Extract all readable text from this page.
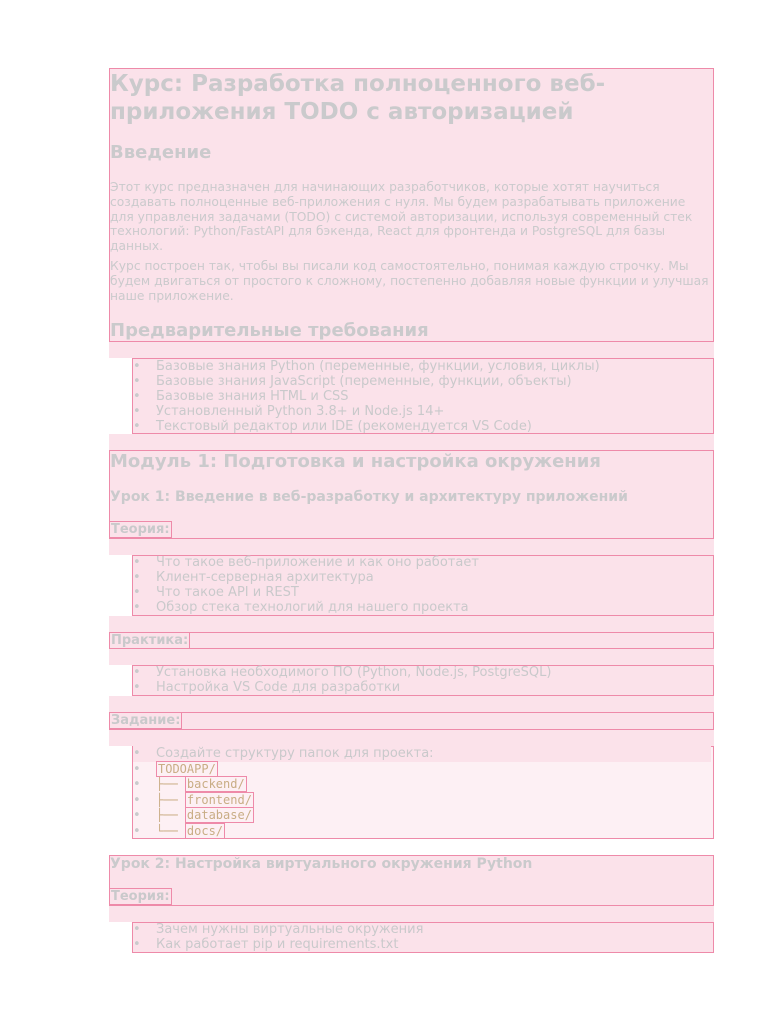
Курс: Разработка полноценного веб-приложения TODO с авторизацией
Введение

Этот курс предназначен для начинающих разработчиков, которые хотят научиться создавать полноценные веб-приложения с нуля. Мы будем разрабатывать приложение для управления задачами (TODO) с системой авторизации, используя современный стек технологий: Python/FastAPI для бэкенда, React для фронтенда и PostgreSQL для базы данных.

Курс построен так, чтобы вы писали код самостоятельно, понимая каждую строчку. Мы будем двигаться от простого к сложному, постепенно добавляя новые функции и улучшая наше приложение.

Предварительные требования
• Базовые знания Python (переменные, функции, условия, циклы)
• Базовые знания JavaScript (переменные, функции, объекты)
• Базовые знания HTML и CSS
• Установленный Python 3.8+ и Node.js 14+
• Текстовый редактор или IDE (рекомендуется VS Code)
Модуль 1: Подготовка и настройка окружения
Урок 1: Введение в веб-разработку и архитектуру приложений
Теория:
• Что такое веб-приложение и как оно работает
• Клиент-серверная архитектура
• Что такое API и REST
• Обзор стека технологий для нашего проекта
Практика:
• Установка необходимого ПО (Python, Node.js, PostgreSQL)
• Настройка VS Code для разработки
Задание:
• Создайте структуру папок для проекта:
• TODOAPP/
• ├── backend/
• ├── frontend/
• ├── database/
• └── docs/
Урок 2: Настройка виртуального окружения Python
Теория:
• Зачем нужны виртуальные окружения
• Как работает pip и requirements.txt
